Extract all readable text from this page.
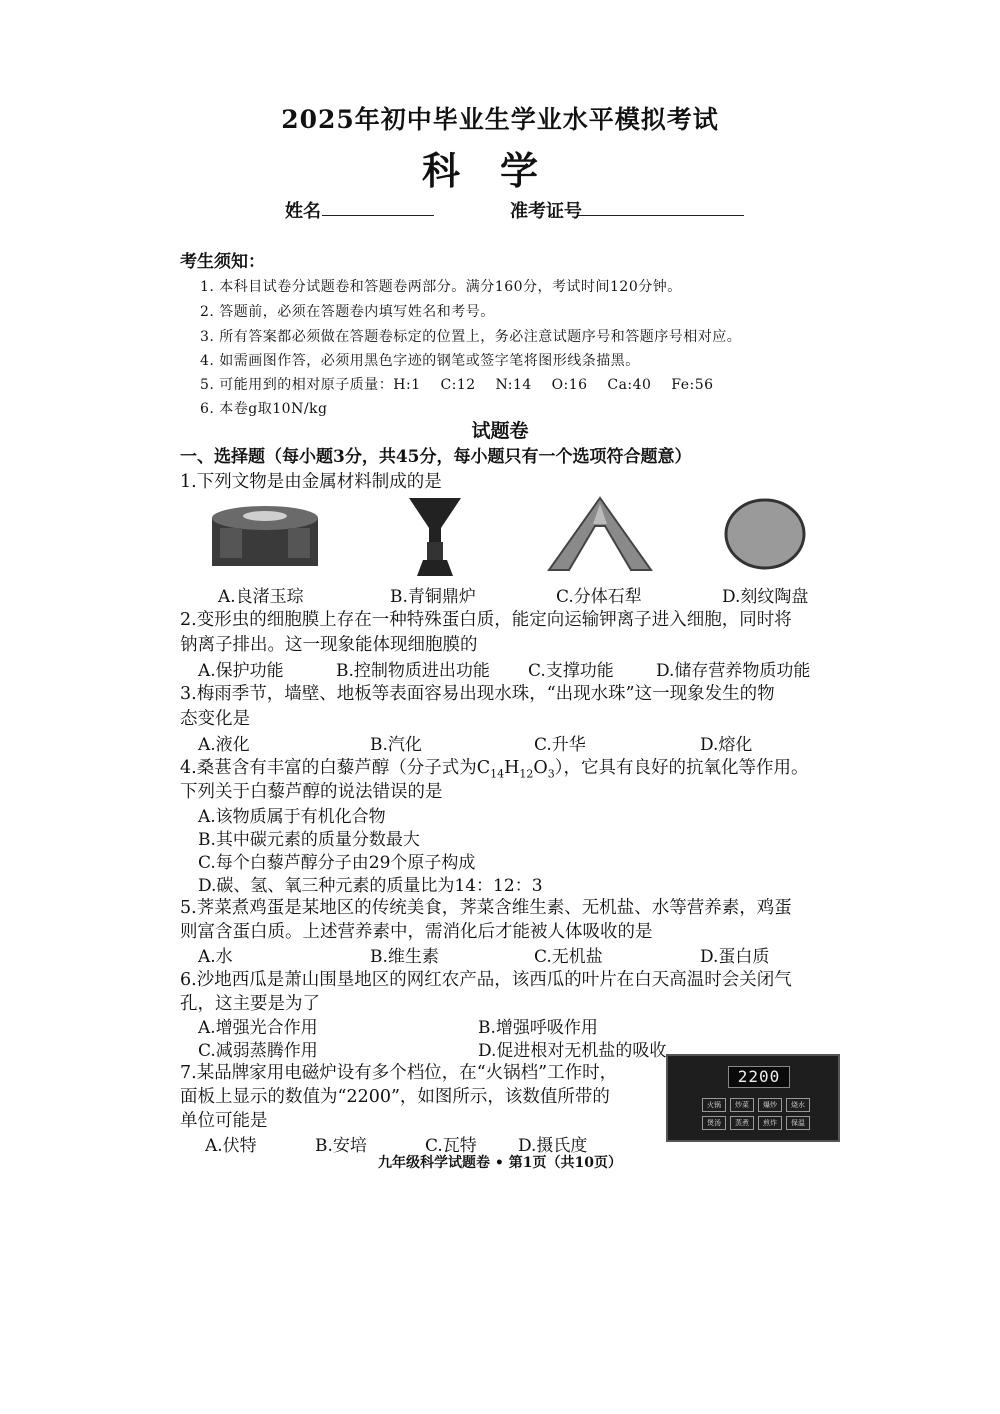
2025年初中毕业生学业水平模拟考试
科学
姓名	准考证号
考生须知：
1. 本科目试卷分试题卷和答题卷两部分。满分160分，考试时间120分钟。
2. 答题前，必须在答题卷内填写姓名和考号。
3. 所有答案都必须做在答题卷标定的位置上，务必注意试题序号和答题序号相对应。
4. 如需画图作答，必须用黑色字迹的钢笔或签字笔将图形线条描黑。
5. 可能用到的相对原子质量：H:1    C:12    N:14    O:16    Ca:40    Fe:56
6. 本卷g取10N/kg
试题卷
一、选择题（每小题3分，共45分，每小题只有一个选项符合题意）
1.下列文物是由金属材料制成的是
A.良渚玉琮	B.青铜鼎炉	C.分体石犁	D.刻纹陶盘
2.变形虫的细胞膜上存在一种特殊蛋白质，能定向运输钾离子进入细胞，同时将
钠离子排出。这一现象能体现细胞膜的
A.保护功能	B.控制物质进出功能 C.支撑功能 D.储存营养物质功能
3.梅雨季节，墙壁、地板等表面容易出现水珠，“出现水珠”这一现象发生的物
态变化是
A.液化	B.汽化	C.升华	D.熔化
4.桑葚含有丰富的白藜芦醇（分子式为$C_{14}H_{12}O_3$），它具有良好的抗氧化等作用。
下列关于白藜芦醇的说法错误的是
A.该物质属于有机化合物
B.其中碳元素的质量分数最大
C.每个白藜芦醇分子由29个原子构成
D.碳、氢、氧三种元素的质量比为14：12：3
5.荠菜煮鸡蛋是某地区的传统美食，荠菜含维生素、无机盐、水等营养素，鸡蛋
则富含蛋白质。上述营养素中，需消化后才能被人体吸收的是
A.水	B.维生素	C.无机盐	D.蛋白质
6.沙地西瓜是萧山围垦地区的网红农产品，该西瓜的叶片在白天高温时会关闭气
孔，这主要是为了
A.增强光合作用	B.增强呼吸作用
C.减弱蒸腾作用	D.促进根对无机盐的吸收
7.某品牌家用电磁炉设有多个档位，在“火锅档”工作时，
面板上显示的数值为“2200”，如图所示，该数值所带的
单位可能是
A.伏特	B.安培	C.瓦特 D.摄氏度
2200
火锅	炒菜	爆炒	烧水
煲汤	蒸煮	煎炸	保温
九年级科学试题卷 • 第1页（共10页）
